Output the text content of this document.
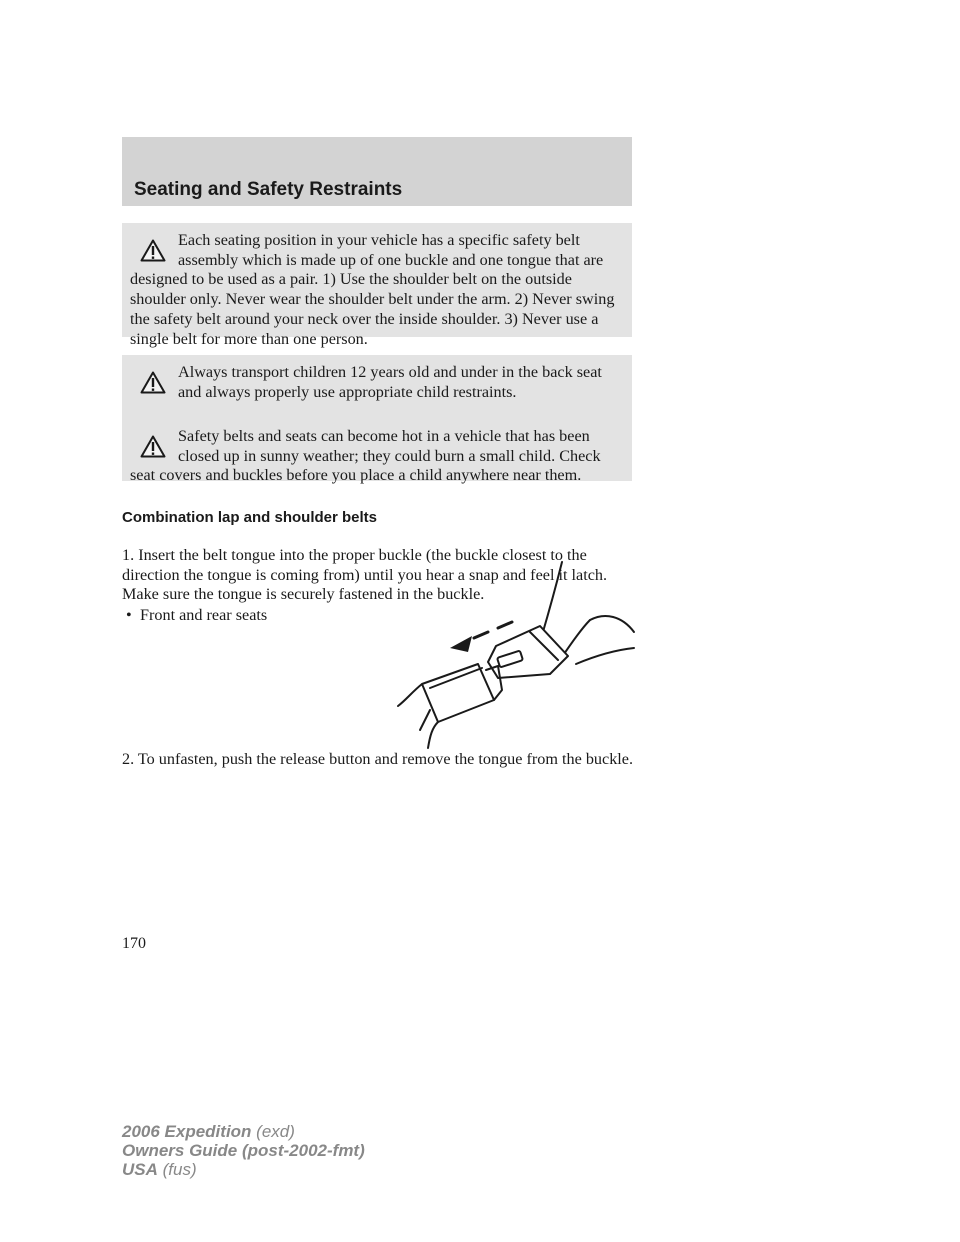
Seating and Safety Restraints

Each seating position in your vehicle has a specific safety belt assembly which is made up of one buckle and one tongue that are designed to be used as a pair. 1) Use the shoulder belt on the outside shoulder only. Never wear the shoulder belt under the arm. 2) Never swing the safety belt around your neck over the inside shoulder. 3) Never use a single belt for more than one person.

Always transport children 12 years old and under in the back seat and always properly use appropriate child restraints.

Safety belts and seats can become hot in a vehicle that has been closed up in sunny weather; they could burn a small child. Check seat covers and buckles before you place a child anywhere near them.

Combination lap and shoulder belts

1. Insert the belt tongue into the proper buckle (the buckle closest to the direction the tongue is coming from) until you hear a snap and feel it latch. Make sure the tongue is securely fastened in the buckle.

• Front and rear seats

2. To unfasten, push the release button and remove the tongue from the buckle.

170

2006 Expedition (exd)

Owners Guide (post-2002-fmt)

USA (fus)
